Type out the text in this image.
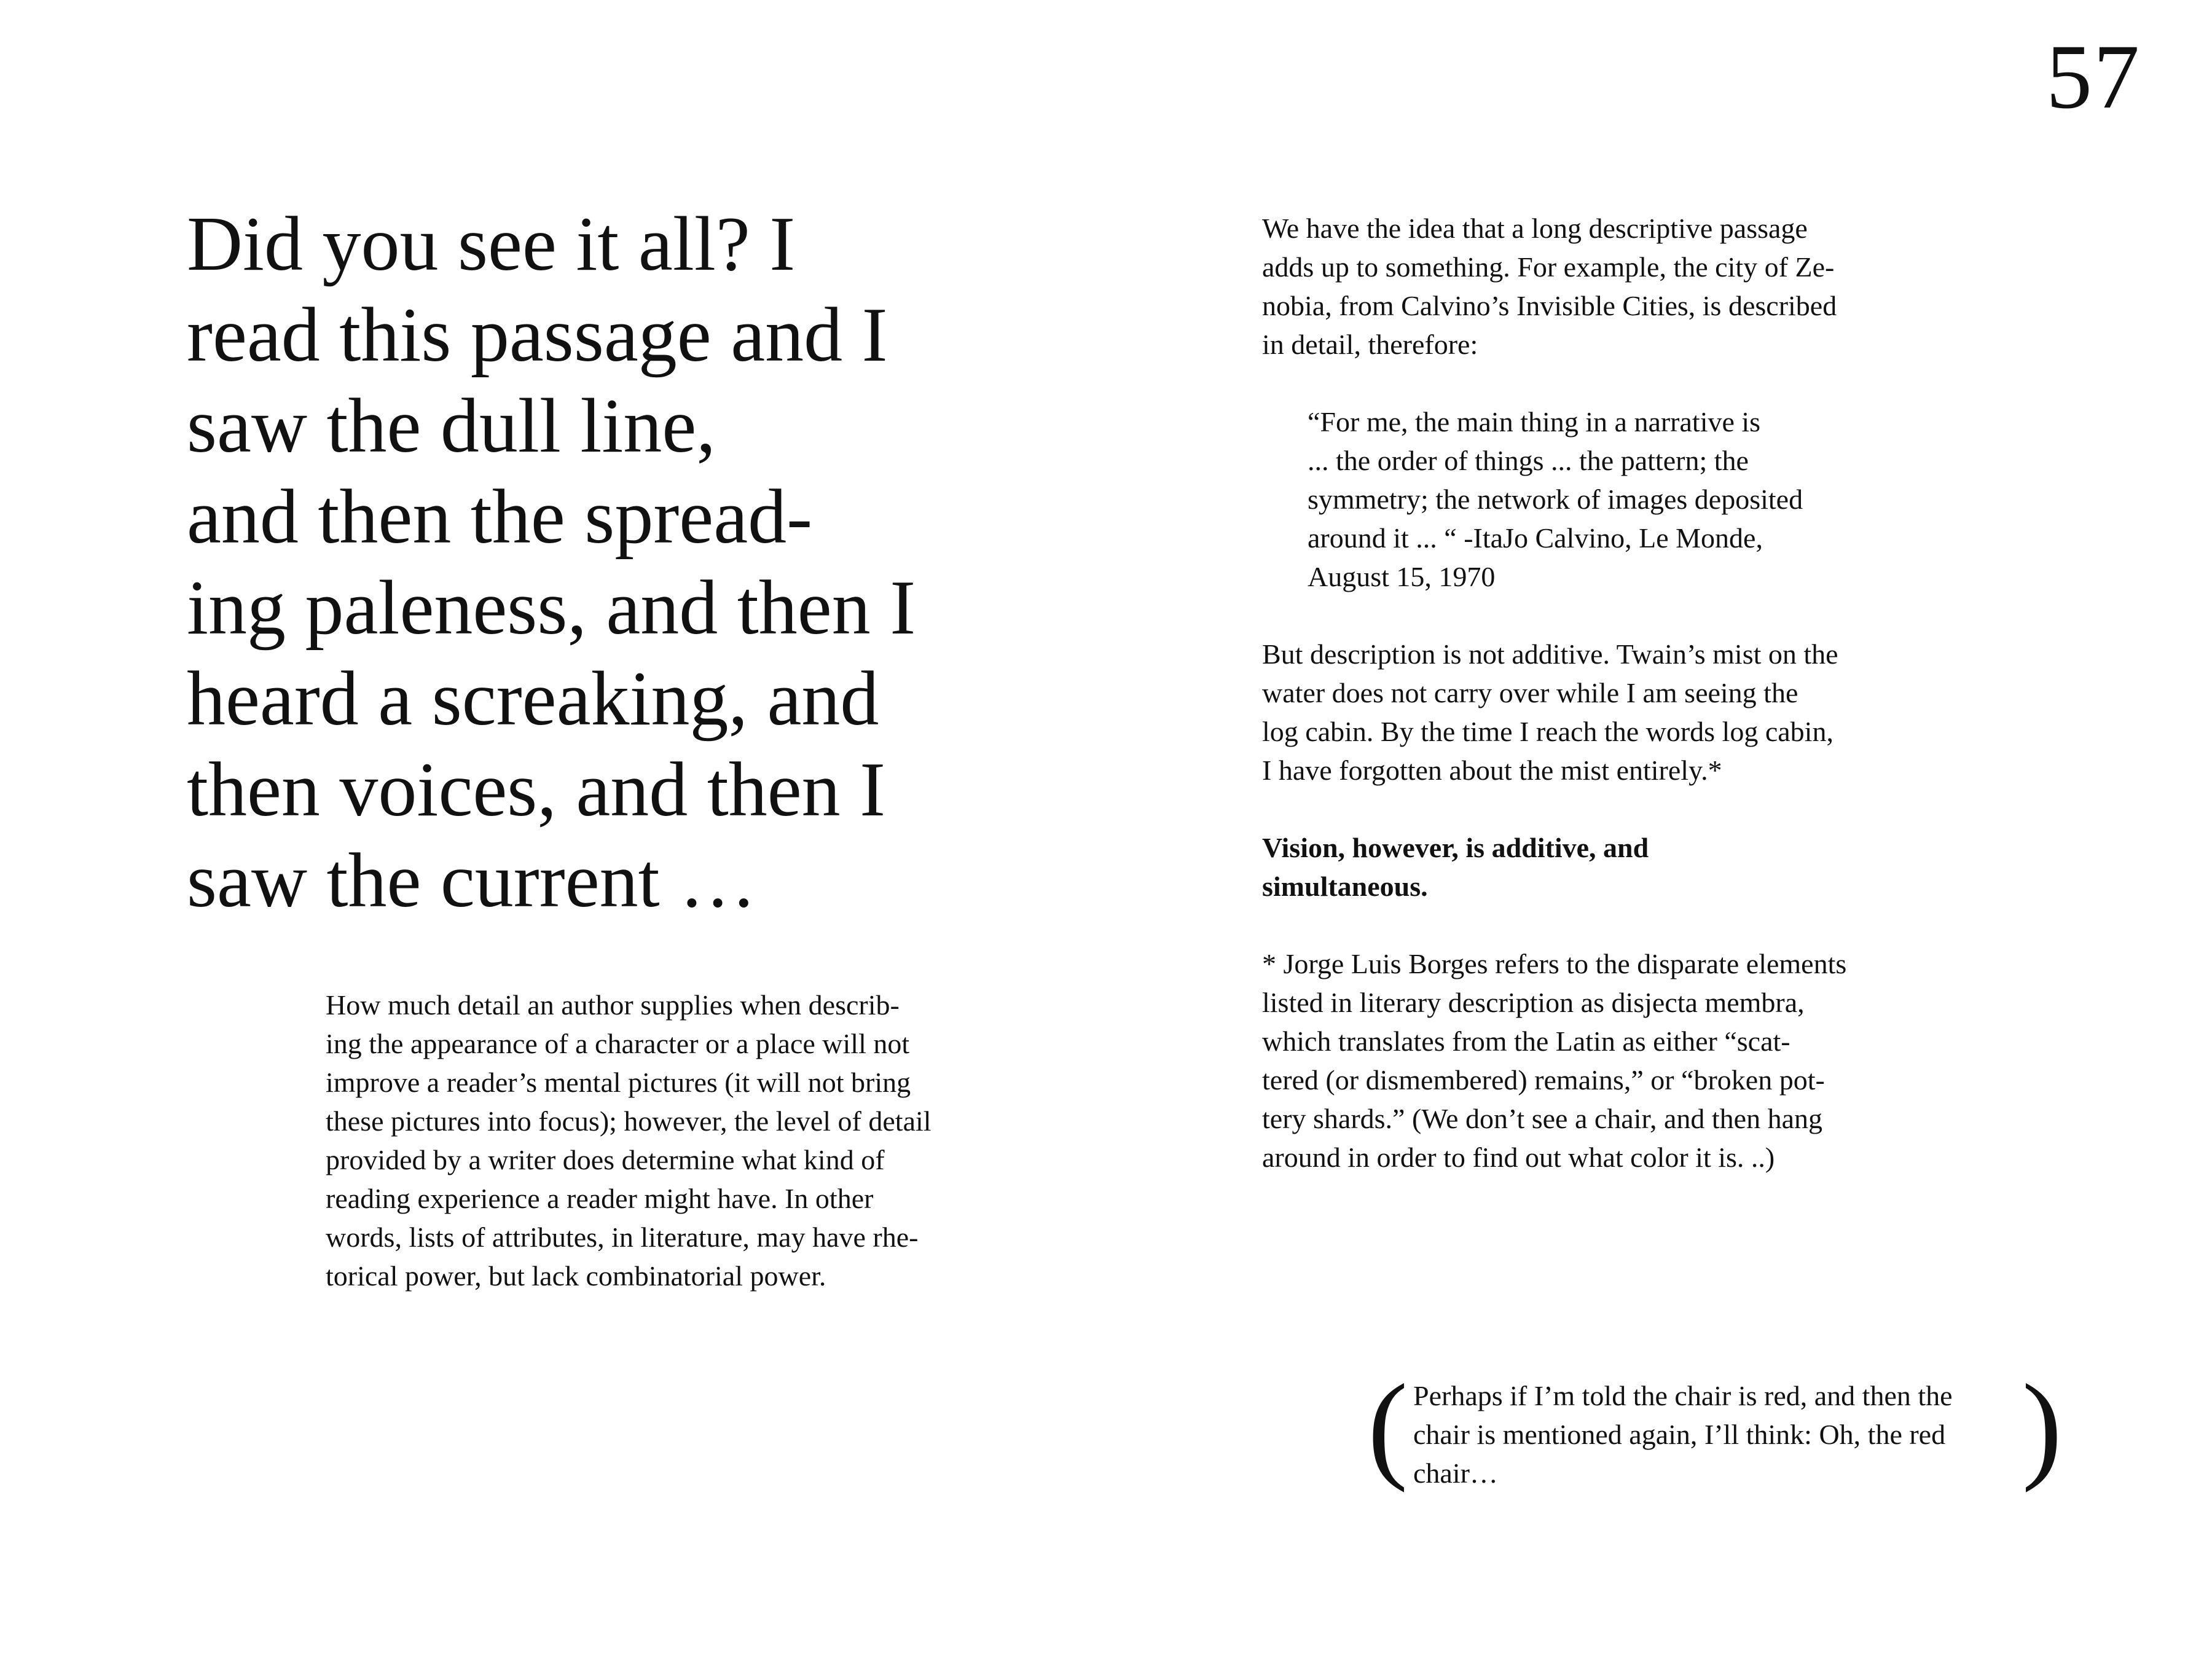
57
Did you see it all? I
read this passage and I
saw the dull line,
and then the spread-
ing paleness, and then I
heard a screaking, and
then voices, and then I
saw the current …
How much detail an author supplies when describ-
ing the appearance of a character or a place will not
improve a reader’s mental pictures (it will not bring
these pictures into focus); however, the level of detail
provided by a writer does determine what kind of
reading experience a reader might have. In other
words, lists of attributes, in literature, may have rhe-
torical power, but lack combinatorial power.
We have the idea that a long descriptive passage
adds up to something. For example, the city of Ze-
nobia, from Calvino’s Invisible Cities, is described
in detail, therefore:
“For me, the main thing in a narrative is
... the order of things ... the pattern; the
symmetry; the network of images deposited
around it ... “ -ItaJo Calvino, Le Monde,
August 15, 1970
But description is not additive. Twain’s mist on the
water does not carry over while I am seeing the
log cabin. By the time I reach the words log cabin,
I have forgotten about the mist entirely.*
Vision, however, is additive, and
simultaneous.
* Jorge Luis Borges refers to the disparate elements
listed in literary description as disjecta membra,
which translates from the Latin as either “scat-
tered (or dismembered) remains,” or “broken pot-
tery shards.” (We don’t see a chair, and then hang
around in order to find out what color it is. ..)
( Perhaps if I’m told the chair is red, and then the
chair is mentioned again, I’ll think: Oh, the red
chair…	)
